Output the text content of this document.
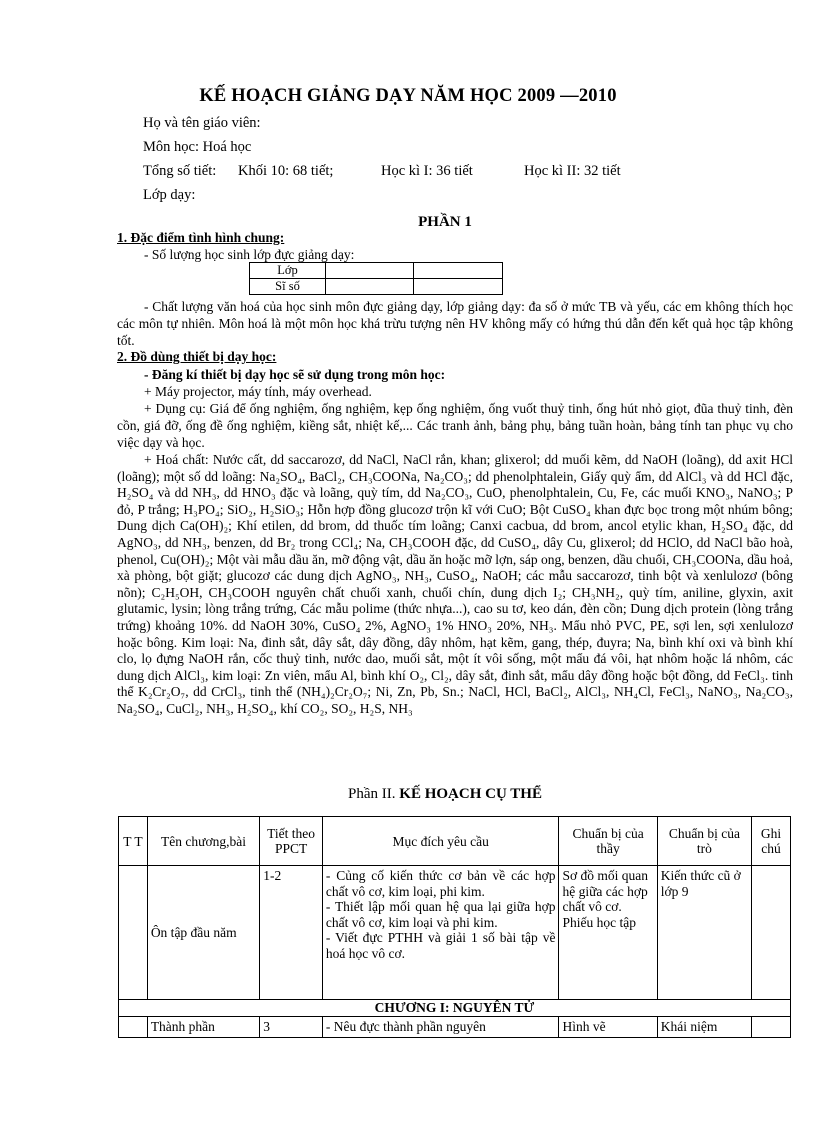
KẾ HOẠCH GIẢNG DẠY NĂM HỌC 2009 —2010
Họ và tên giáo viên:
Môn học: Hoá học
Tổng số tiết: Khối 10: 68 tiết;	Học kì I: 36 tiết	Học kì II: 32 tiết
Lớp dạy:
PHẦN 1
1. Đặc điểm tình hình chung:
- Số lượng học sinh lớp đực giảng dạy:
Lớp		
Sĩ số		
- Chất lượng văn hoá của học sinh môn đực giảng dạy, lớp giảng dạy: đa số ở mức TB và yếu, các em không thích học các môn tự nhiên. Môn hoá là một môn học khá trừu tượng nên HV không mấy có hứng thú dẫn đến kết quả học tập không tốt.
2. Đồ dùng thiết bị dạy học:
- Đăng kí thiết bị dạy học sẽ sử dụng trong môn học:
+ Máy projector, máy tính, máy overhead.
+ Dụng cụ: Giá để ống nghiệm, ống nghiệm, kẹp ống nghiệm, ống vuốt thuỷ tinh, ống hút nhỏ giọt, đũa thuỷ tinh, đèn cồn, giá đỡ, ống đề ống nghiệm, kiềng sắt, nhiệt kế,... Các tranh ảnh, bảng phụ, bảng tuần hoàn, bảng tính tan phục vụ cho việc dạy và học.
+ Hoá chất: Nước cất, dd saccarozơ, dd NaCl, NaCl rắn, khan; glixerol; dd muối kẽm, dd NaOH (loãng), dd axit HCl (loãng); một số dd loãng: Na₂SO₄, BaCl₂, CH₃COONa, Na₂CO₃; dd phenolphtalein, Giấy quỳ ẩm, dd AlCl₃ và dd HCl đặc, H₂SO₄ và dd NH₃, dd HNO₃ đặc và loãng, quỳ tím, dd Na₂CO₃, CuO, phenolphtalein, Cu, Fe, các muối KNO₃, NaNO₃; P đỏ, P trắng; H₃PO₄; SiO₂, H₂SiO₃; Hỗn hợp đồng glucozơ trộn kĩ với CuO; Bột CuSO₄ khan đực bọc trong một nhúm bông; Dung dịch Ca(OH)₂; Khí etilen, dd brom, dd thuốc tím loãng; Canxi cacbua, dd brom, ancol etylic khan, H₂SO₄ đặc, dd AgNO₃, dd NH₃, benzen, dd Br₂ trong CCl₄; Na, CH₃COOH đặc, dd CuSO₄, dây Cu, glixerol; dd HClO, dd NaCl bão hoà, phenol, Cu(OH)₂; Một vài mẫu dầu ăn, mỡ động vật, dầu ăn hoặc mỡ lợn, sáp ong, benzen, dầu chuối, CH₃COONa, dầu hoả, xà phòng, bột giặt; glucozơ các dung dịch AgNO₃, NH₃, CuSO₄, NaOH; các mẫu saccarozơ, tinh bột và xenlulozơ (bông nõn); C₂H₅OH, CH₃COOH nguyên chất chuối xanh, chuối chín, dung dịch I₂; CH₃NH₂, quỳ tím, aniline, glyxin, axit glutamic, lysin; lòng trắng trứng, Các mẫu polime (thức nhựa...), cao su tơ, keo dán, đèn cồn; Dung dịch protein (lòng trắng trứng) khoảng 10%. dd NaOH 30%, CuSO₄ 2%, AgNO₃ 1% HNO₃ 20%, NH₃. Mẩu nhỏ PVC, PE, sợi len, sợi xenlulozơ hoặc bông. Kim loại: Na, đinh sắt, dây sắt, dây đồng, dây nhôm, hạt kẽm, gang, thép, đuyra; Na, bình khí oxi và bình khí clo, lọ đựng NaOH rắn, cốc thuỷ tinh, nước dao, muối sắt, một ít vôi sống, một mẩu đá vôi, hạt nhôm hoặc lá nhôm, các dung dịch AlCl₃, kim loại: Zn viên, mẩu Al, bình khí O₂, Cl₂, dây sắt, đinh sắt, mẩu dây đồng hoặc bột đồng, dd FeCl₃. tinh thể K₂Cr₂O₇, dd CrCl₃, tinh thể (NH₄)₂Cr₂O₇; Ni, Zn, Pb, Sn.; NaCl, HCl, BaCl₂, AlCl₃, NH₄Cl, FeCl₃, NaNO₃, Na₂CO₃, Na₂SO₄, CuCl₂, NH₃, H₂SO₄, khí CO₂, SO₂, H₂S, NH₃
Phần II. KẾ HOẠCH CỤ THỂ
T T	Tên chương,bài	Tiết theo PPCT	Mục đích yêu cầu	Chuẩn bị của thầy	Chuẩn bị của trò	Ghi chú
	Ôn tập đầu năm	1-2	- Củng cố kiến thức cơ bản về các hợp chất vô cơ, kim loại, phi kim.
- Thiết lập mối quan hệ qua lại giữa hợp chất vô cơ, kim loại và phi kim.
- Viết đực PTHH và giải 1 số bài tập về hoá học vô cơ.	Sơ đồ mối quan hệ giữa các hợp chất vô cơ. Phiếu học tập	Kiến thức cũ ở lớp 9	
CHƯƠNG I: NGUYÊN TỬ						
	Thành phần	3	- Nêu đực thành phần nguyên	Hình vẽ	Khái niệm	
